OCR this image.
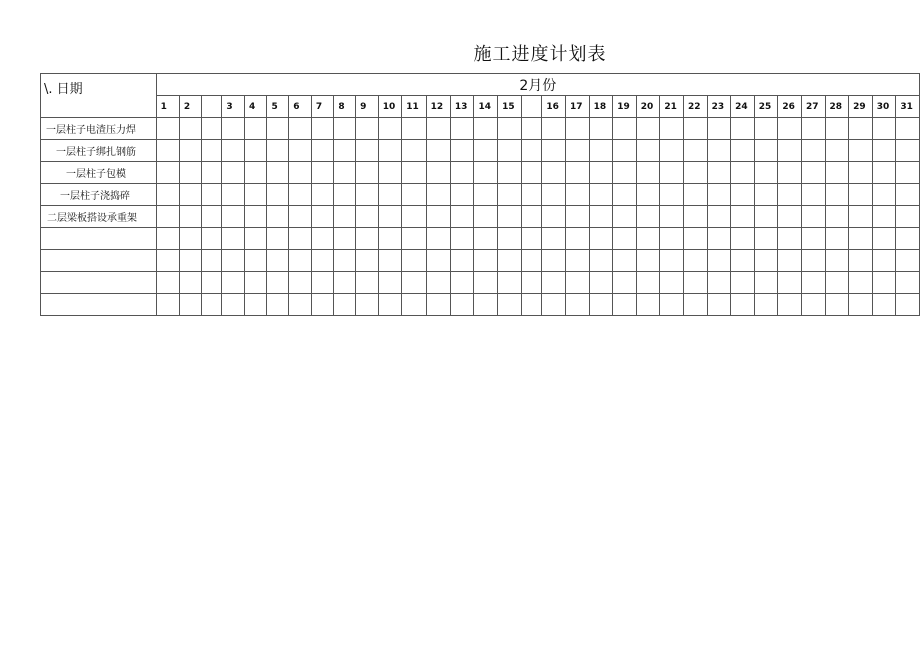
施工进度计划表
\. 日期	2月份																																
	1	2		3	4	5	6	7	8	9	10	11	12	13	14	15		16	17	18	19	20	21	22	23	24	25	26	27	28	29	30	31
一层柱子电渣压力焊																																	
一层柱子绑扎钢筋																																	
一层柱子包模																																	
一层柱子浇捣碎																																	
二层梁板搭设承重架																																	
